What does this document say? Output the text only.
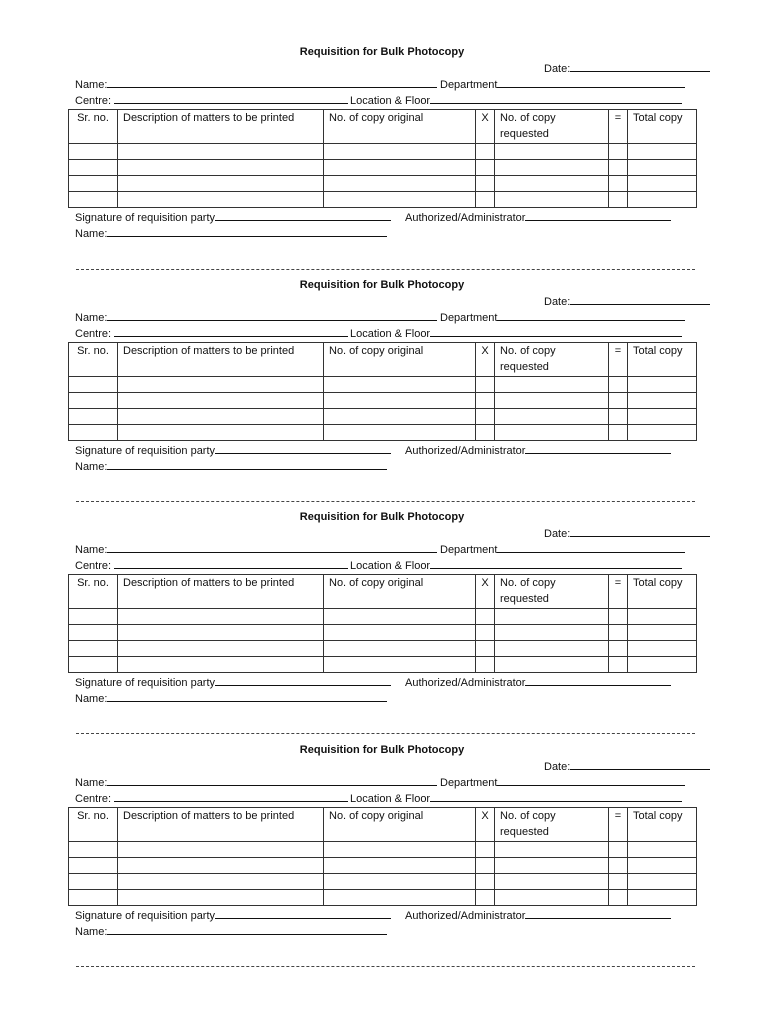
Requisition for Bulk Photocopy
Date:
Name:	Department
Centre:	Location & Floor
Sr. no.	Description of matters to be printed	No. of copy original	X	No. of copy requested	=	Total copy

Signature of requisition party	Authorized/Administrator
Name:
Requisition for Bulk Photocopy
Date:
Name:	Department
Centre:	Location & Floor
Sr. no.	Description of matters to be printed	No. of copy original	X	No. of copy requested	=	Total copy

Signature of requisition party	Authorized/Administrator
Name:
Requisition for Bulk Photocopy
Date:
Name:	Department
Centre:	Location & Floor
Sr. no.	Description of matters to be printed	No. of copy original	X	No. of copy requested	=	Total copy

Signature of requisition party	Authorized/Administrator
Name:
Requisition for Bulk Photocopy
Date:
Name:	Department
Centre:	Location & Floor
Sr. no.	Description of matters to be printed	No. of copy original	X	No. of copy requested	=	Total copy

Signature of requisition party	Authorized/Administrator
Name:
